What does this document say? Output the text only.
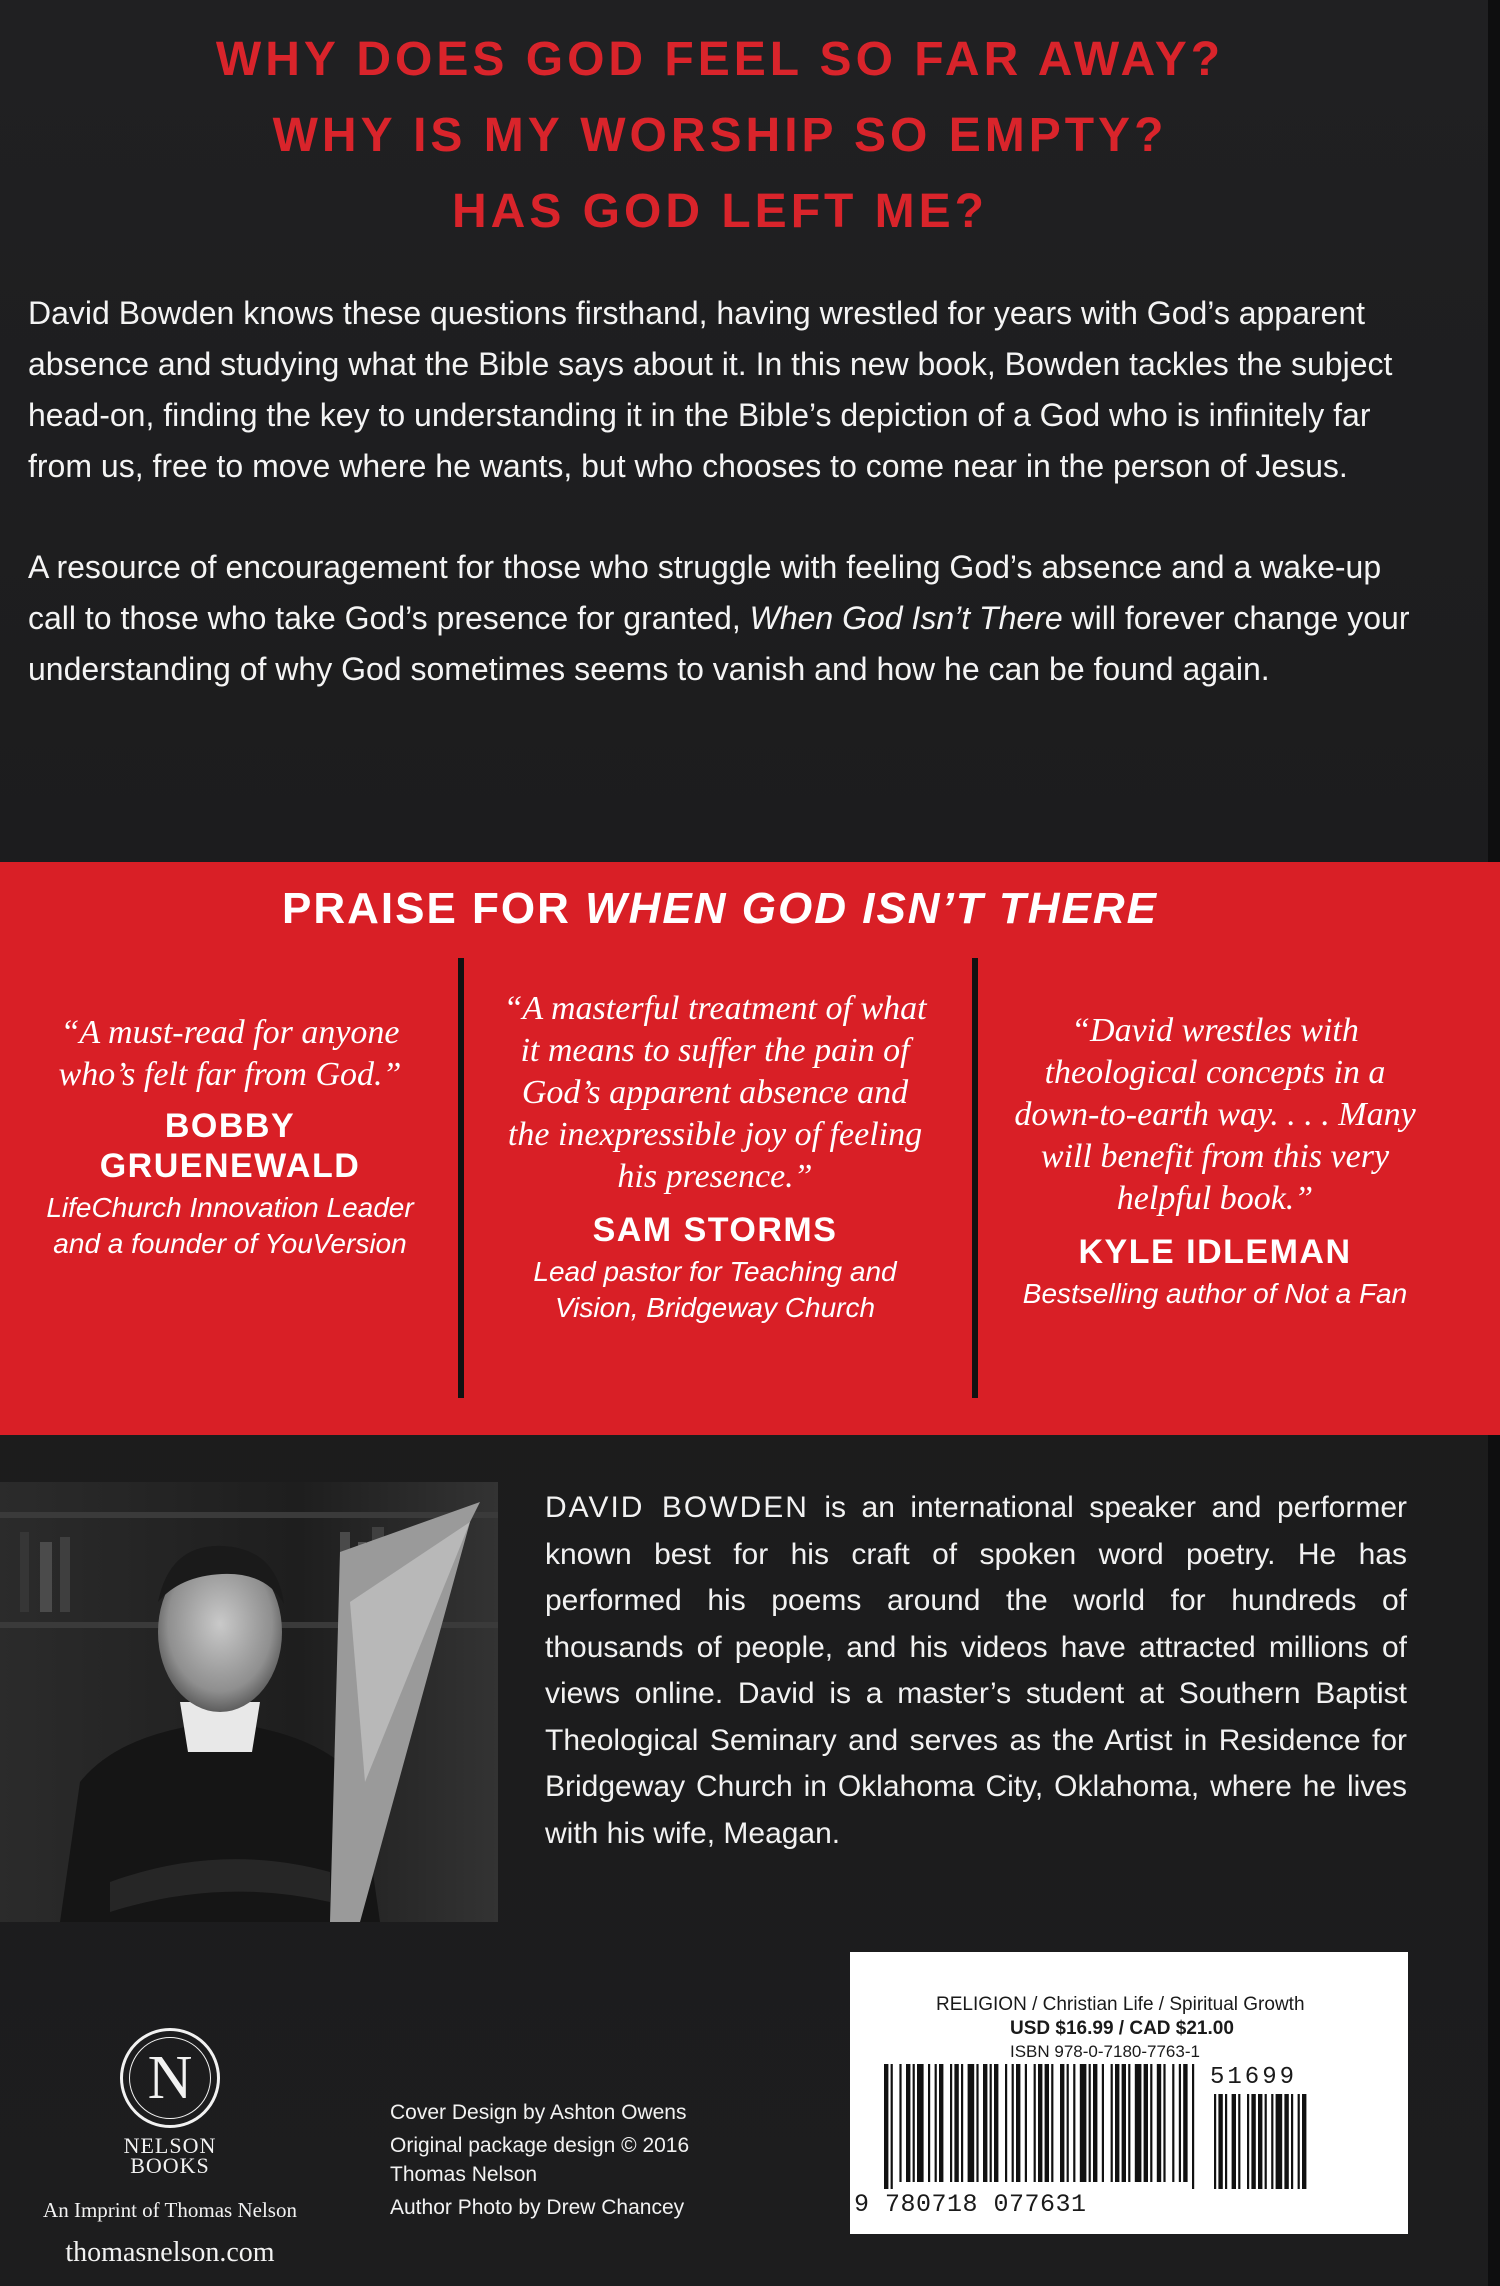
WHY DOES GOD FEEL SO FAR AWAY?
WHY IS MY WORSHIP SO EMPTY?
HAS GOD LEFT ME?

David Bowden knows these questions firsthand, having wrestled for years with God’s apparent absence and studying what the Bible says about it. In this new book, Bowden tackles the subject head-on, finding the key to understanding it in the Bible’s depiction of a God who is infinitely far from us, free to move where he wants, but who chooses to come near in the person of Jesus.

A resource of encouragement for those who struggle with feeling God’s absence and a wake-up call to those who take God’s presence for granted, When God Isn’t There will forever change your understanding of why God sometimes seems to vanish and how he can be found again.

PRAISE FOR WHEN GOD ISN’T THERE
“A must-read for anyone who’s felt far from God.”
BOBBY GRUENEWALD
LifeChurch Innovation Leader and a founder of YouVersion
“A masterful treatment of what it means to suffer the pain of God’s apparent absence and the inexpressible joy of feeling his presence.”
SAM STORMS
Lead pastor for Teaching and Vision, Bridgeway Church
“David wrestles with theological concepts in a down-to-earth way. . . . Many will benefit from this very helpful book.”
KYLE IDLEMAN
Bestselling author of Not a Fan
DAVID BOWDEN is an international speaker and performer known best for his craft of spoken word poetry. He has performed his poems around the world for hundreds of thousands of people, and his videos have attracted millions of views online. David is a master’s student at Southern Baptist Theological Seminary and serves as the Artist in Residence for Bridgeway Church in Oklahoma City, Oklahoma, where he lives with his wife, Meagan.
N
NELSON
BOOKS
An Imprint of Thomas Nelson
thomasnelson.com
Cover Design by Ashton Owens
Original package design © 2016
Thomas Nelson
Author Photo by Drew Chancey
RELIGION / Christian Life / Spiritual Growth
USD $16.99 / CAD $21.00
ISBN 978-0-7180-7763-1
51699
9 780718 077631
